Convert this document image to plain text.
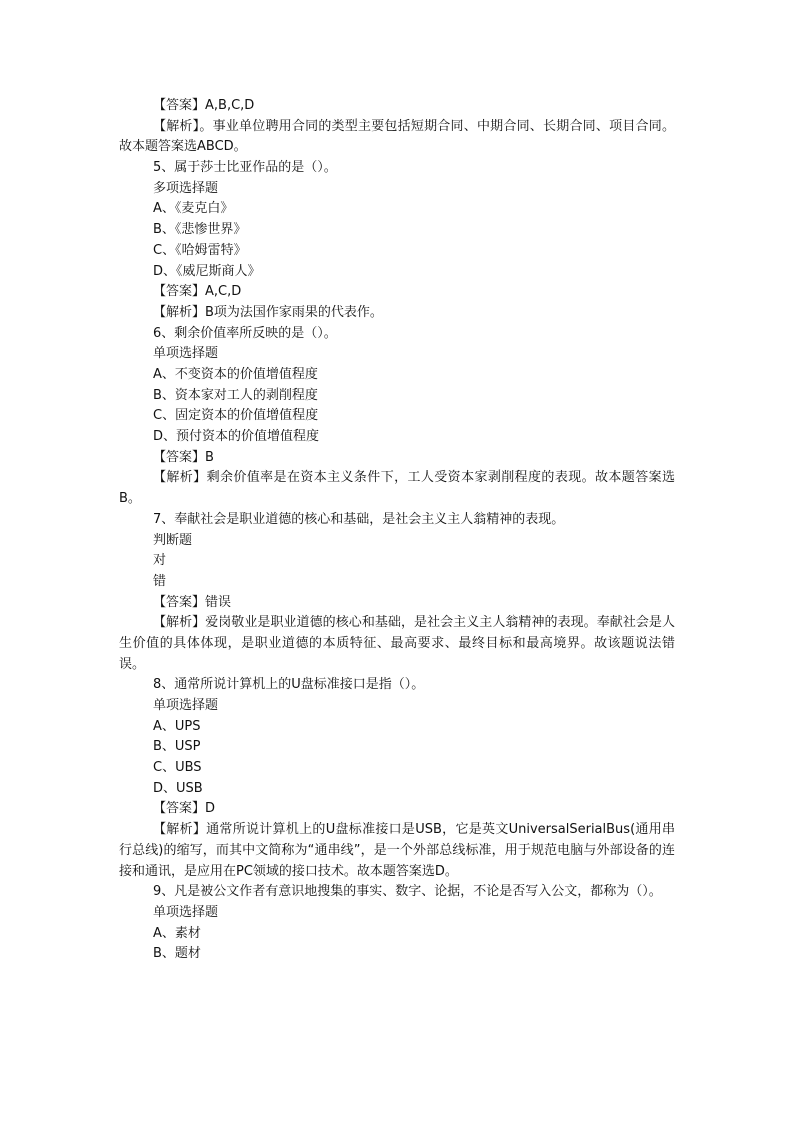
【答案】A,B,C,D
【解析】。事业单位聘用合同的类型主要包括短期合同、中期合同、长期合同、项目合同。故本题答案选ABCD。
5、属于莎士比亚作品的是（）。
多项选择题
A、《麦克白》
B、《悲惨世界》
C、《哈姆雷特》
D、《威尼斯商人》
【答案】A,C,D
【解析】B项为法国作家雨果的代表作。
6、剩余价值率所反映的是（）。
单项选择题
A、不变资本的价值增值程度
B、资本家对工人的剥削程度
C、固定资本的价值增值程度
D、预付资本的价值增值程度
【答案】B
【解析】剩余价值率是在资本主义条件下，工人受资本家剥削程度的表现。故本题答案选B。
7、奉献社会是职业道德的核心和基础，是社会主义主人翁精神的表现。
判断题
对
错
【答案】错误
【解析】爱岗敬业是职业道德的核心和基础，是社会主义主人翁精神的表现。奉献社会是人生价值的具体体现，是职业道德的本质特征、最高要求、最终目标和最高境界。故该题说法错误。
8、通常所说计算机上的U盘标准接口是指（）。
单项选择题
A、UPS
B、USP
C、UBS
D、USB
【答案】D
【解析】通常所说计算机上的U盘标准接口是USB，它是英文UniversalSerialBus(通用串行总线)的缩写，而其中文简称为“通串线”，是一个外部总线标准，用于规范电脑与外部设备的连接和通讯，是应用在PC领域的接口技术。故本题答案选D。
9、凡是被公文作者有意识地搜集的事实、数字、论据，不论是否写入公文，都称为（）。
单项选择题
A、素材
B、题材
